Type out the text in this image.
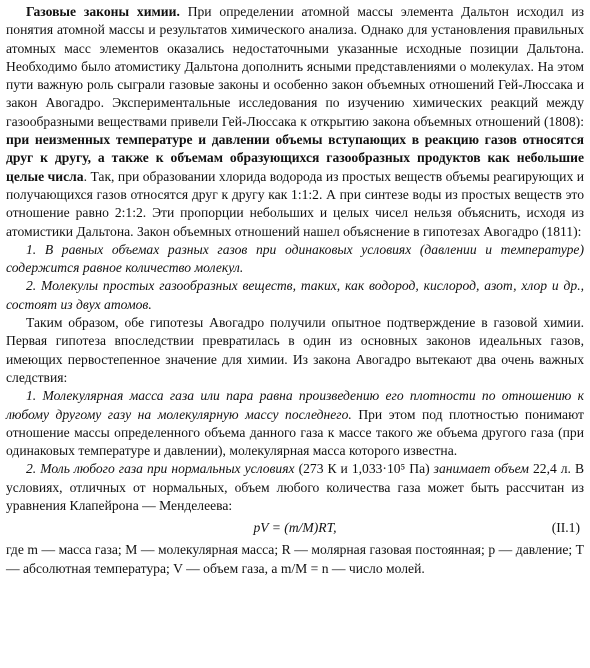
Газовые законы химии. При определении атомной массы элемента Дальтон исходил из понятия атомной массы и результатов химического анализа. Однако для установления правильных атомных масс элементов оказались недостаточными указанные исходные позиции Дальтона. Необходимо было атомистику Дальтона дополнить ясными представлениями о молекулах. На этом пути важную роль сыграли газовые законы и особенно закон объемных отношений Гей-Люссака и закон Авогадро. Экспериментальные исследования по изучению химических реакций между газообразными веществами привели Гей-Люссака к открытию закона объемных отношений (1808): при неизменных температуре и давлении объемы вступающих в реакцию газов относятся друг к другу, а также к объемам образующихся газообразных продуктов как небольшие целые числа. Так, при образовании хлорида водорода из простых веществ объемы реагирующих и получающихся газов относятся друг к другу как 1:1:2. А при синтезе воды из простых веществ это отношение равно 2:1:2. Эти пропорции небольших и целых чисел нельзя объяснить, исходя из атомистики Дальтона. Закон объемных отношений нашел объяснение в гипотезах Авогадро (1811):

1. В равных объемах разных газов при одинаковых условиях (давлении и температуре) содержится равное количество молекул.

2. Молекулы простых газообразных веществ, таких, как водород, кислород, азот, хлор и др., состоят из двух атомов.

Таким образом, обе гипотезы Авогадро получили опытное подтверждение в газовой химии. Первая гипотеза впоследствии превратилась в один из основных законов идеальных газов, имеющих первостепенное значение для химии. Из закона Авогадро вытекают два очень важных следствия:

1. Молекулярная масса газа или пара равна произведению его плотности по отношению к любому другому газу на молекулярную массу последнего. При этом под плотностью понимают отношение массы определенного объема данного газа к массе такого же объема другого газа (при одинаковых температуре и давлении), молекулярная масса которого известна.

2. Моль любого газа при нормальных условиях (273 К и 1,033·10⁵ Па) занимает объем 22,4 л. В условиях, отличных от нормальных, объем любого количества газа может быть рассчитан из уравнения Клапейрона — Менделеева:

pV = (m/M)RT,	(II.1)

где m — масса газа; M — молекулярная масса; R — молярная газовая постоянная; p — давление; T — абсолютная температура; V — объем газа, а m/M = n — число молей.
